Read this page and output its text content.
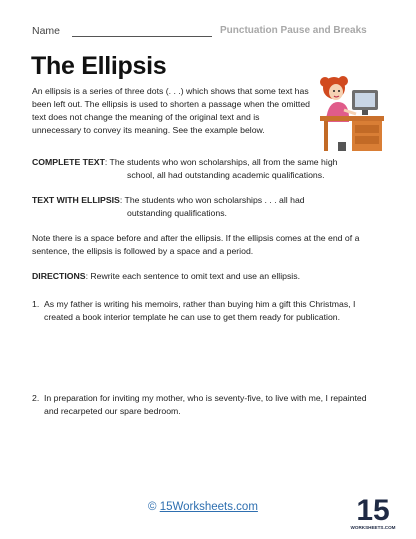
Name	Punctuation Pause and Breaks
The Ellipsis
An ellipsis is a series of three dots (. . .) which shows that some text has been left out. The ellipsis is used to shorten a passage when the omitted text does not change the meaning of the original text and is unnecessary to convey its meaning. See the example below.
COMPLETE TEXT: The students who won scholarships, all from the same high
school, all had outstanding academic qualifications.
TEXT WITH ELLIPSIS: The students who won scholarships . . . all had
outstanding qualifications.
Note there is a space before and after the ellipsis. If the ellipsis comes at the end of a sentence, the ellipsis is followed by a space and a period.
DIRECTIONS: Rewrite each sentence to omit text and use an ellipsis.
1. As my father is writing his memoirs, rather than buying him a gift this Christmas, I created a book interior template he can use to get them ready for publication.
2. In preparation for inviting my mother, who is seventy-five, to live with me, I repainted and recarpeted our spare bedroom.
© 15Worksheets.com	15
WORKSHEETS.COM
